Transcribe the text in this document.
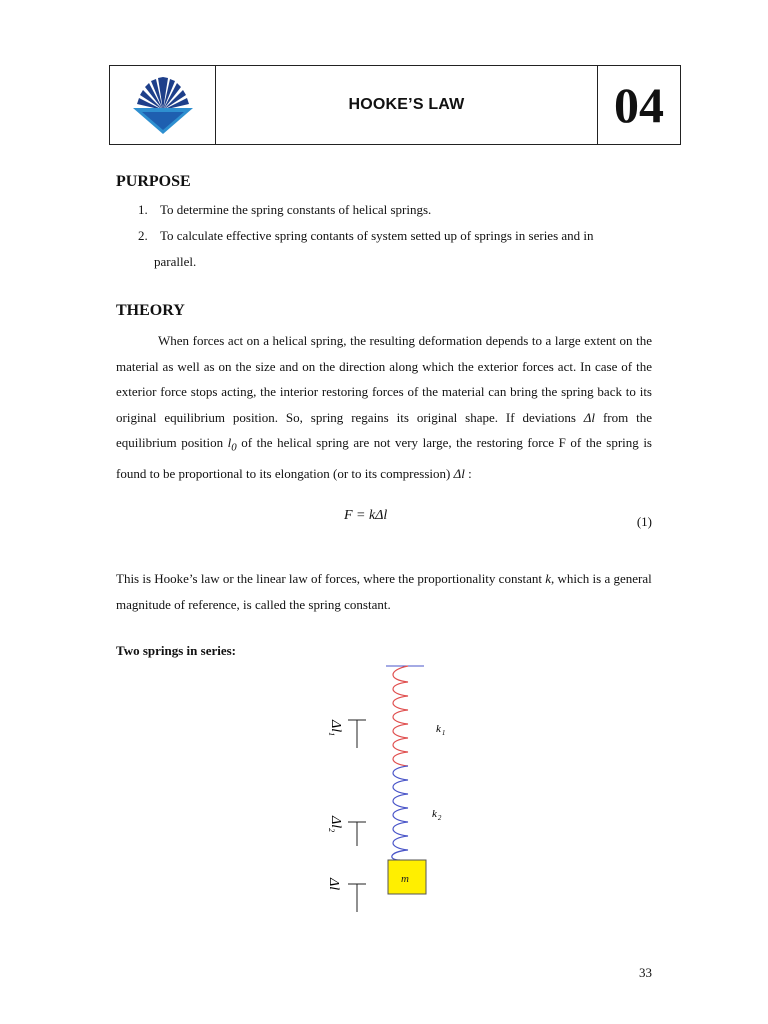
HOOKE’S LAW	04
PURPOSE
1. To determine the spring constants of helical springs.
2. To calculate effective spring contants of system setted up of springs in series and in
parallel.
THEORY
When forces act on a helical spring, the resulting deformation depends to a large extent on the material as well as on the size and on the direction along which the exterior forces act. In case of the exterior force stops acting, the interior restoring forces of the material can bring the spring back to its original equilibrium position. So, spring regains its original shape. If deviations Δl from the equilibrium position $l_0$ of the helical spring are not very large, the restoring force F of the spring is found to be proportional to its elongation (or to its compression) Δl :
F = kΔl	(1)
This is Hooke’s law or the linear law of forces, where the proportionality constant k, which is a general magnitude of reference, is called the spring constant.
Two springs in series:
m
$k_1$
$k_2$
$\Delta l_1$
$\Delta l_2$
Δl
33
